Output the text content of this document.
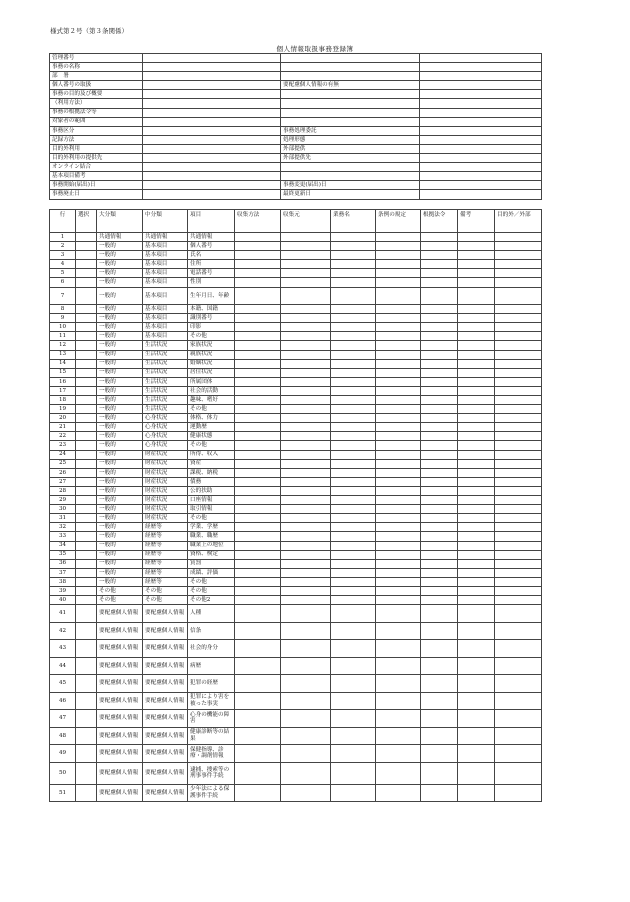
様式第２号（第３条関係）
個人情報取扱事務登録簿
管理番号			
事務の名称			
部　署			
個人番号の取扱		要配慮個人情報の有無	
事務の目的及び概要			
（利用方法）			
事務の根拠法令等			
対象者の範囲			
事務区分		事務処理委託	
記録方法		処理形態	
目的外利用		外部提供	
目的外利用の提供先		外部提供先	
オンライン結合			
基本項目備考			
事務開始(届出)日		事務変更(届出)日	
事務廃止日		最終更新日	
行	選択	大分類	中分類	項目	収集方法	収集元	業務名	条例の規定	根拠法令	備考	目的外／外部
1		共通情報	共通情報	共通情報							
2		一般的	基本項目	個人番号							
3		一般的	基本項目	氏名							
4		一般的	基本項目	住所							
5		一般的	基本項目	電話番号							
6		一般的	基本項目	性別							
7		一般的	基本項目	生年月日、年齢							
8		一般的	基本項目	本籍、国籍							
9		一般的	基本項目	識別番号							
10		一般的	基本項目	印影							
11		一般的	基本項目	その他							
12		一般的	生活状況	家族状況							
13		一般的	生活状況	親族状況							
14		一般的	生活状況	婚姻状況							
15		一般的	生活状況	居住状況							
16		一般的	生活状況	所属団体							
17		一般的	生活状況	社会的活動							
18		一般的	生活状況	趣味、嗜好							
19		一般的	生活状況	その他							
20		一般的	心身状況	体格、体力							
21		一般的	心身状況	運動歴							
22		一般的	心身状況	健康状態							
23		一般的	心身状況	その他							
24		一般的	財産状況	所得、収入							
25		一般的	財産状況	資産							
26		一般的	財産状況	課税、納税							
27		一般的	財産状況	債務							
28		一般的	財産状況	公的扶助							
29		一般的	財産状況	口座情報							
30		一般的	財産状況	取引情報							
31		一般的	財産状況	その他							
32		一般的	経歴等	学業、学歴							
33		一般的	経歴等	職業、職歴							
34		一般的	経歴等	職業上の地位							
35		一般的	経歴等	資格、検定							
36		一般的	経歴等	賞罰							
37		一般的	経歴等	成績、評価							
38		一般的	経歴等	その他							
39		その他	その他	その他							
40		その他	その他	その他2							
41		要配慮個人情報	要配慮個人情報	人種							
42		要配慮個人情報	要配慮個人情報	信条							
43		要配慮個人情報	要配慮個人情報	社会的身分							
44		要配慮個人情報	要配慮個人情報	病歴							
45		要配慮個人情報	要配慮個人情報	犯罪の経歴							
46		要配慮個人情報	要配慮個人情報	犯罪により害を被った事実							
47		要配慮個人情報	要配慮個人情報	心身の機能の障害							
48		要配慮個人情報	要配慮個人情報	健康診断等の結果							
49		要配慮個人情報	要配慮個人情報	保健指導、診療・調剤情報							
50		要配慮個人情報	要配慮個人情報	逮捕、捜索等の刑事事件手続							
51		要配慮個人情報	要配慮個人情報	少年法による保護事件手続							
